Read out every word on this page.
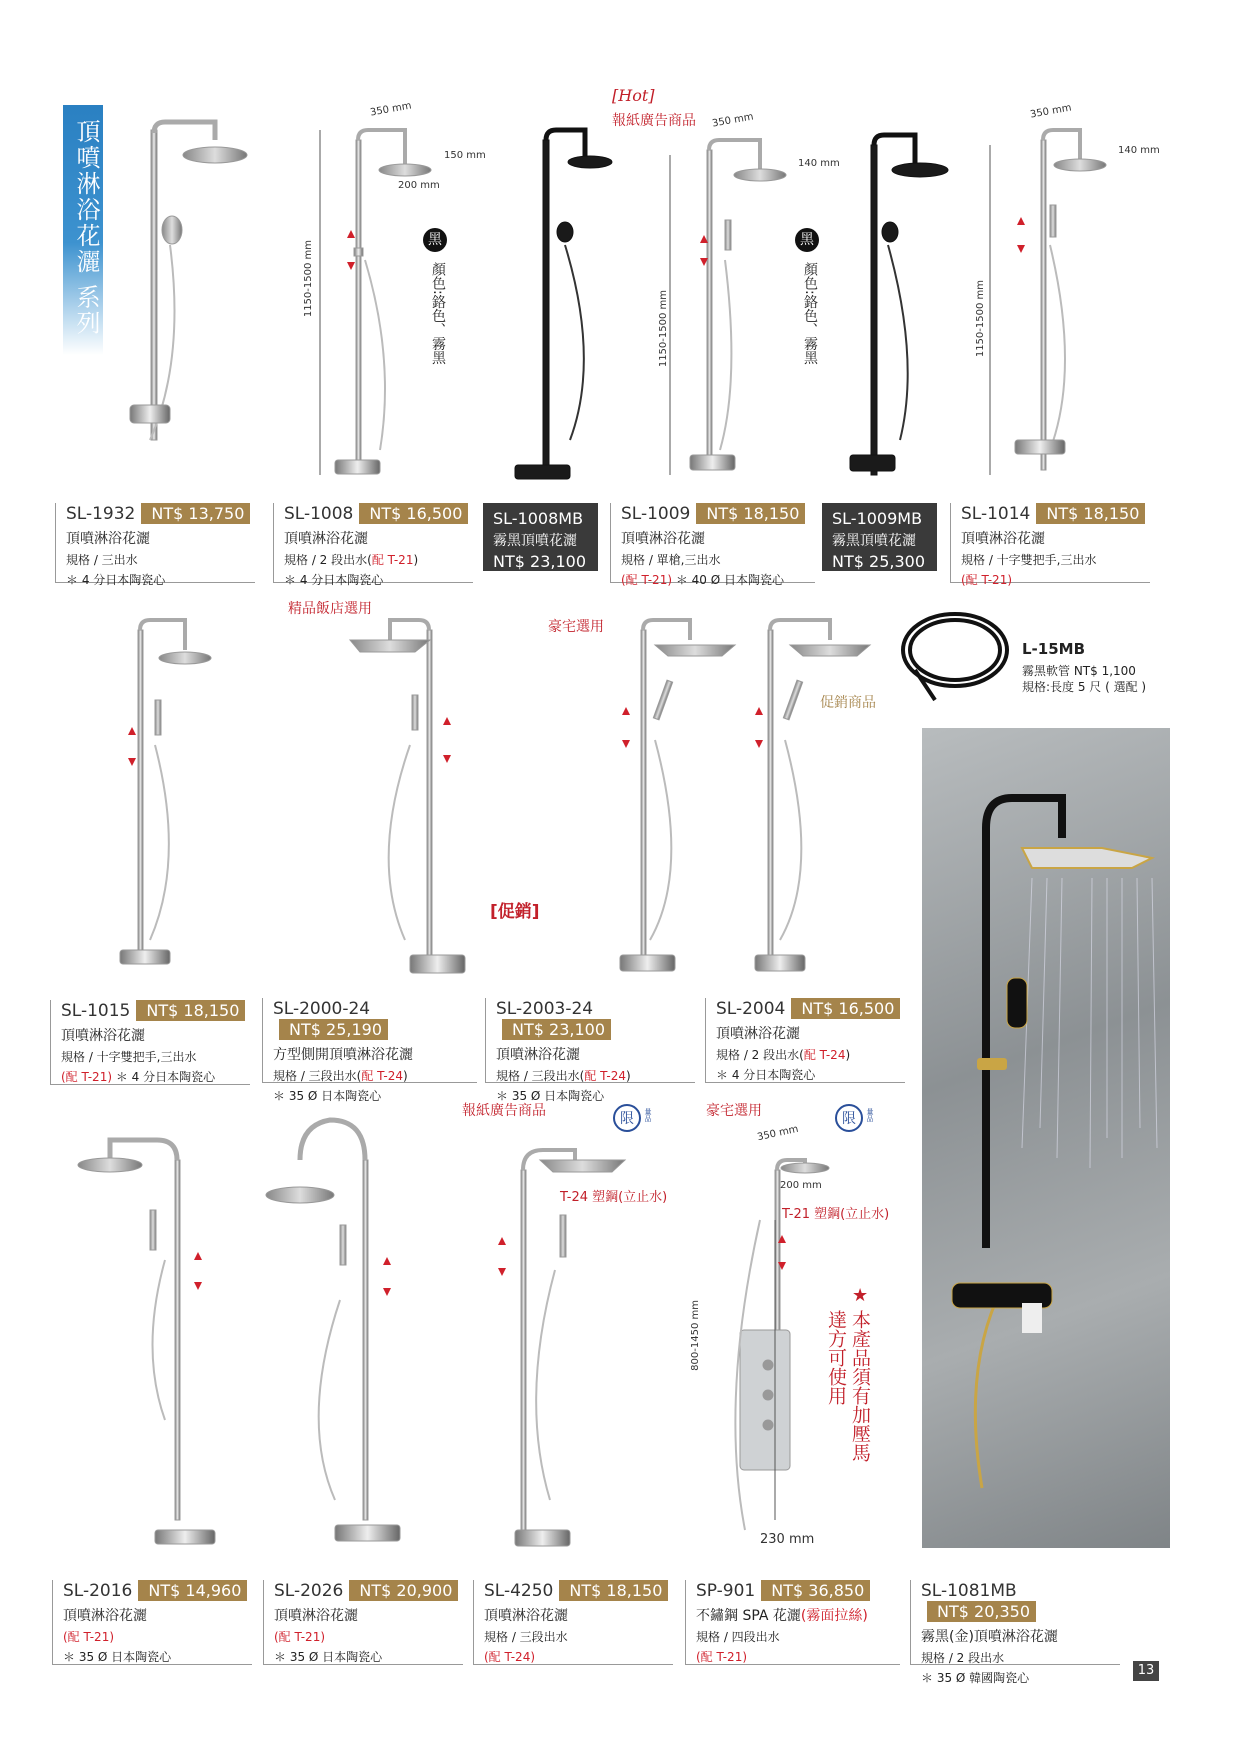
頂噴淋浴花灑 系列
[Hot]
報紙廣告商品
350 mm
150 mm
200 mm
1150-1500 mm
350 mm
140 mm
1150-1500 mm
350 mm
140 mm
1150-1500 mm
350 mm
200 mm
800-1450 mm
230 mm
黑
顏色:鉻色、霧黑
黑
顏色:鉻色、霧黑
SL-1932 NT$ 13,750
頂噴淋浴花灑
規格 / 三出水
＊ 4 分日本陶瓷心
SL-1008 NT$ 16,500
頂噴淋浴花灑
規格 / 2 段出水(配 T-21)
＊ 4 分日本陶瓷心
SL-1008MB
霧黑頂噴花灑
NT$ 23,100
SL-1009 NT$ 18,150
頂噴淋浴花灑
規格 / 單槍,三出水
(配 T-21) ＊ 40 Ø 日本陶瓷心
SL-1009MB
霧黑頂噴花灑
NT$ 25,300
SL-1014 NT$ 18,150
頂噴淋浴花灑
規格 / 十字雙把手,三出水
(配 T-21)
精品飯店選用
豪宅選用
促銷商品
[促銷]
L-15MB
霧黑軟管 NT$ 1,100
規格:長度 5 尺 ( 選配 )
SL-1015 NT$ 18,150
頂噴淋浴花灑
規格 / 十字雙把手,三出水
(配 T-21) ＊ 4 分日本陶瓷心
SL-2000-24NT$ 25,190
方型側開頂噴淋浴花灑
規格 / 三段出水(配 T-24)
＊ 35 Ø 日本陶瓷心
SL-2003-24NT$ 23,100
頂噴淋浴花灑
規格 / 三段出水(配 T-24)
＊ 35 Ø 日本陶瓷心
SL-2004 NT$ 16,500
頂噴淋浴花灑
規格 / 2 段出水(配 T-24)
＊ 4 分日本陶瓷心
報紙廣告商品	限	量品	豪宅選用	限	量品
T-24 塑鋼(立止水)
T-21 塑鋼(立止水)
★
本產品須有加壓馬達方可使用
SL-2016 NT$ 14,960
頂噴淋浴花灑
(配 T-21)
＊ 35 Ø 日本陶瓷心
SL-2026 NT$ 20,900
頂噴淋浴花灑
(配 T-21)
＊ 35 Ø 日本陶瓷心
SL-4250 NT$ 18,150
頂噴淋浴花灑
規格 / 三段出水
(配 T-24)
SP-901 NT$ 36,850
不鏽鋼 SPA 花灑(霧面拉絲)
規格 / 四段出水
(配 T-21)
SL-1081MBNT$ 20,350
霧黑(金)頂噴淋浴花灑
規格 / 2 段出水
＊ 35 Ø 韓國陶瓷心	13
